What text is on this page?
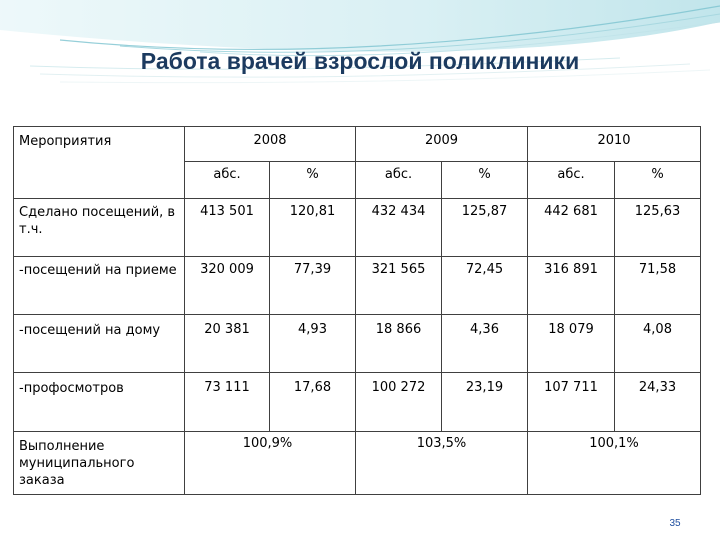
Работа врачей взрослой поликлиники
Мероприятия	2008		2009		2010	
	абс.	%	абс.	%	абс.	%
Сделано посещений, в т.ч.	413 501	120,81	432 434	125,87	442 681	125,63
-посещений на приеме	320 009	77,39	321 565	72,45	316 891	71,58
-посещений на дому	20 381	4,93	18 866	4,36	18 079	4,08
-профосмотров	73 111	17,68	100 272	23,19	107 711	24,33
Выполнение муниципального заказа	100,9%		103,5%		100,1%	
35
